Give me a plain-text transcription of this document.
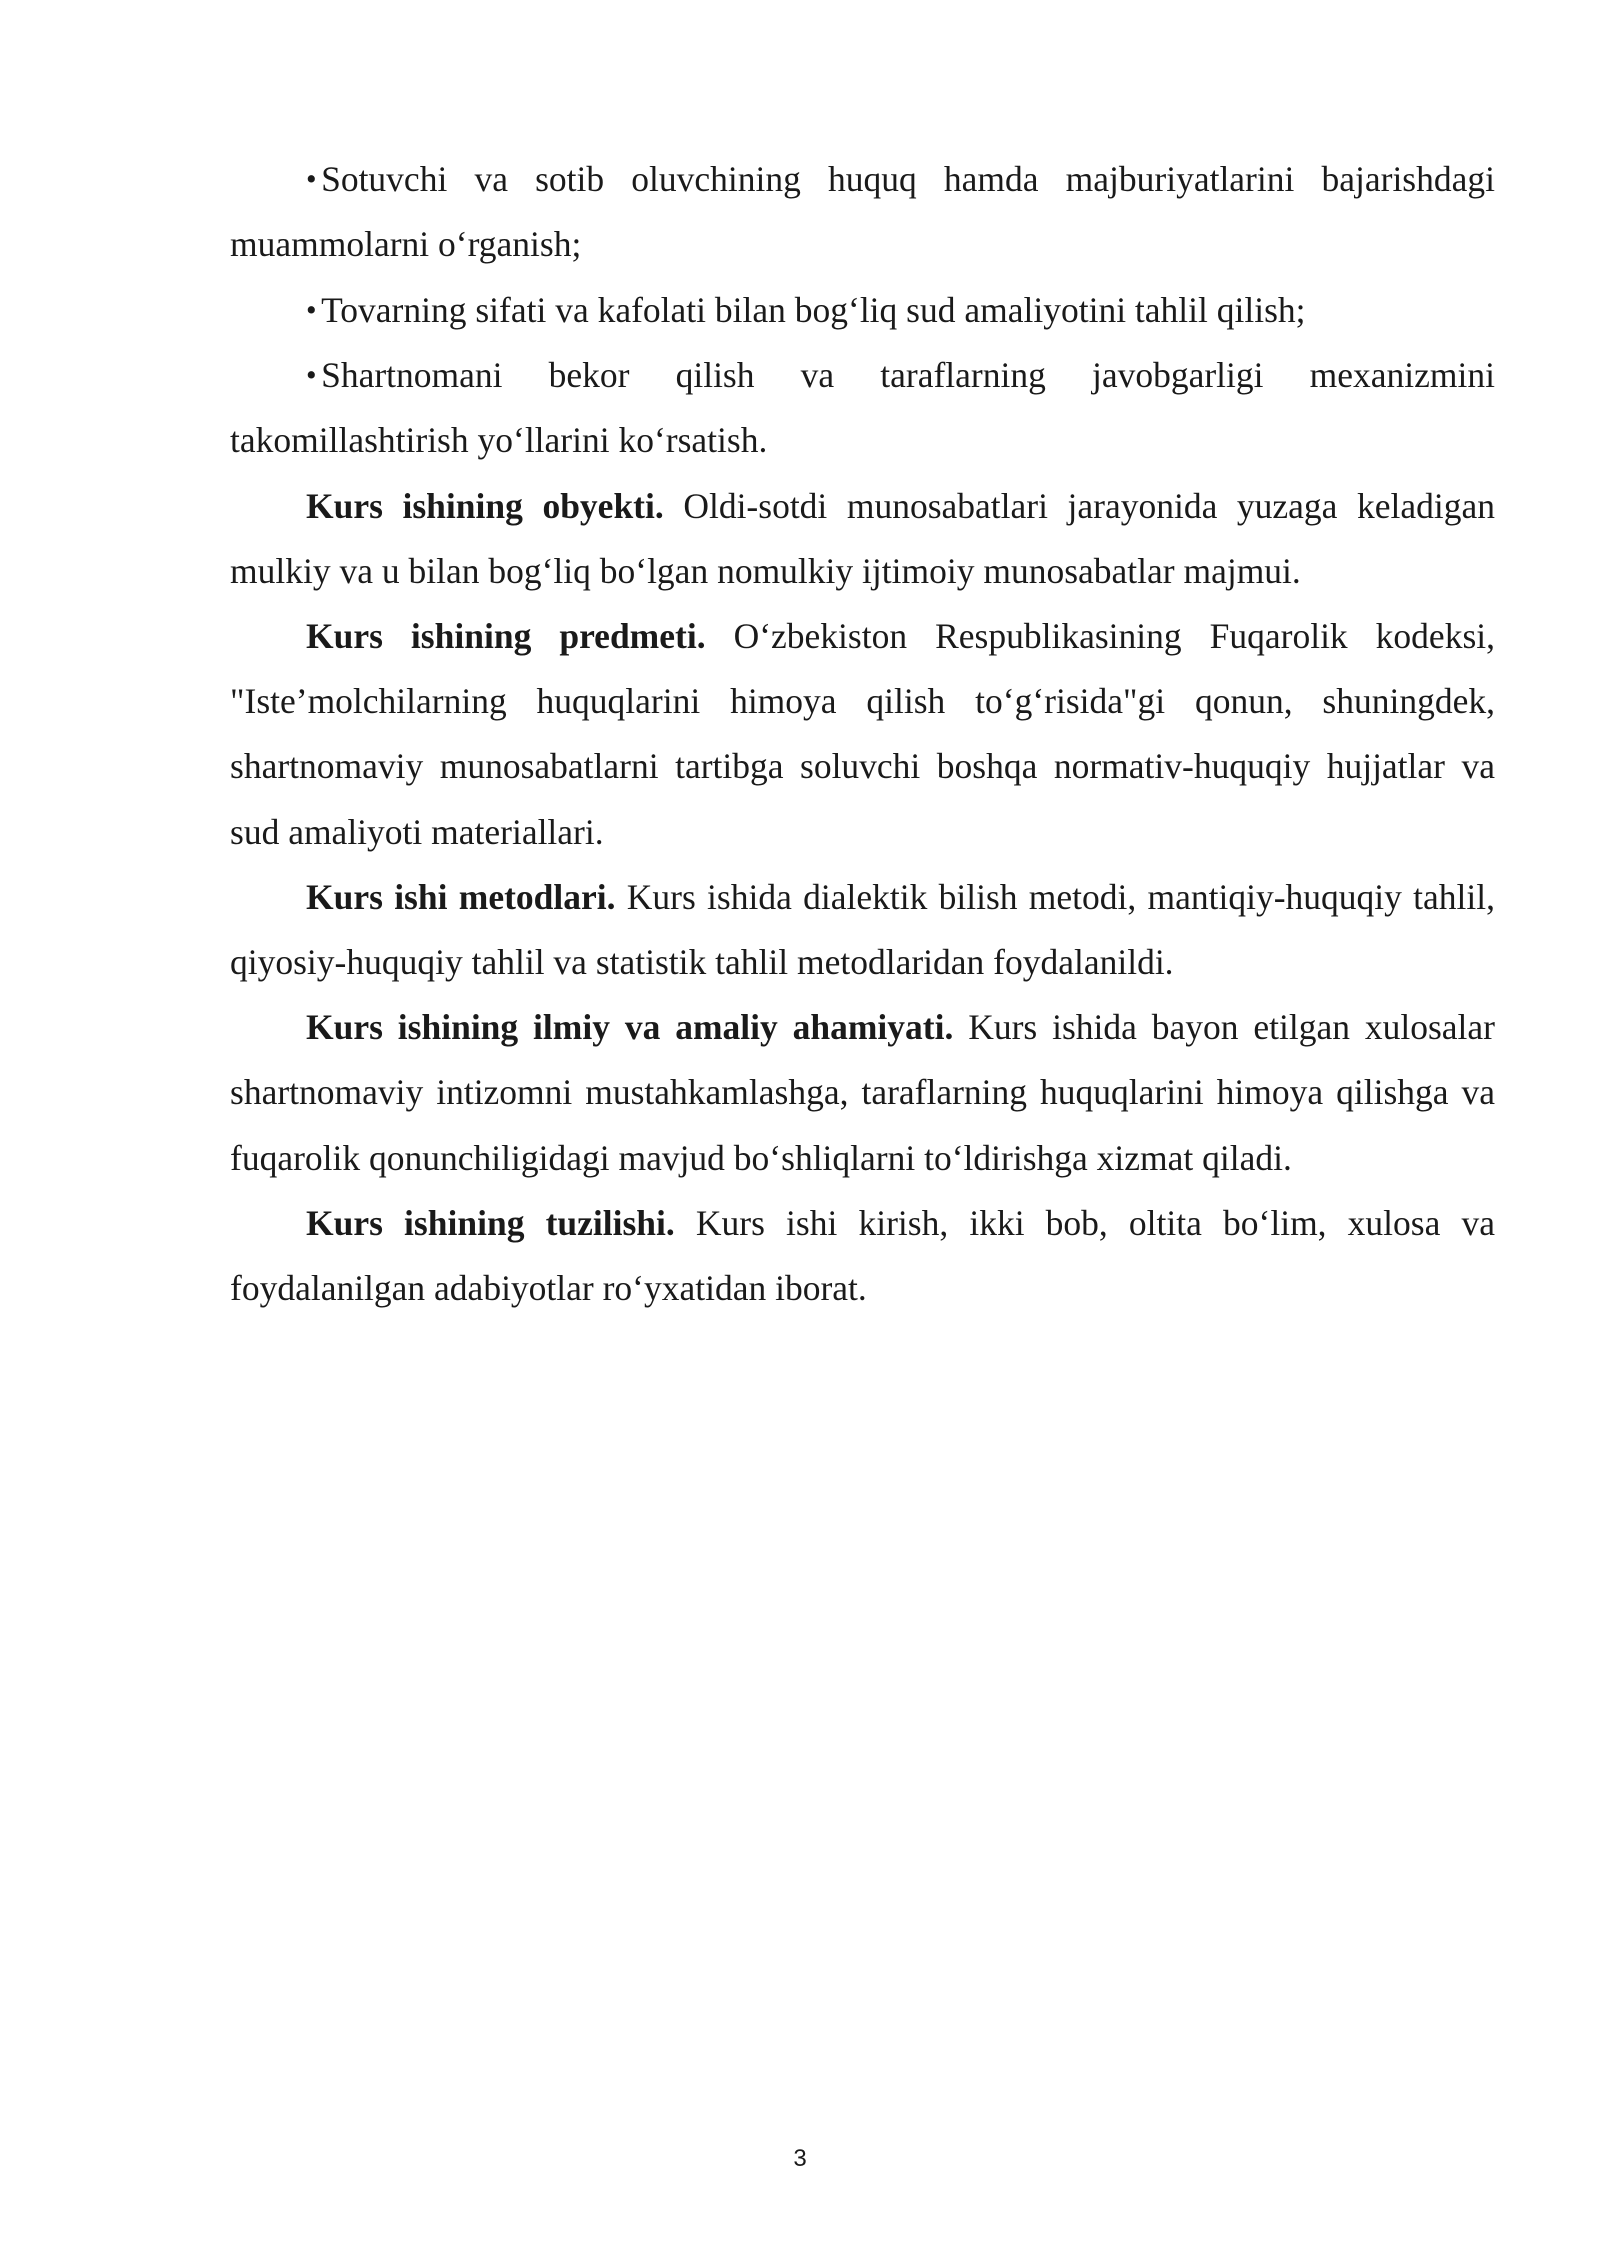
• Sotuvchi va sotib oluvchining huquq hamda majburiyatlarini bajarishdagi muammolarni o‘rganish;

• Tovarning sifati va kafolati bilan bog‘liq sud amaliyotini tahlil qilish;

• Shartnomani bekor qilish va taraflarning javobgarligi mexanizmini takomillashtirish yo‘llarini ko‘rsatish.

Kurs ishining obyekti. Oldi-sotdi munosabatlari jarayonida yuzaga keladigan mulkiy va u bilan bog‘liq bo‘lgan nomulkiy ijtimoiy munosabatlar majmui.

Kurs ishining predmeti. O‘zbekiston Respublikasining Fuqarolik kodeksi, "Iste’molchilarning huquqlarini himoya qilish to‘g‘risida"gi qonun, shuningdek, shartnomaviy munosabatlarni tartibga soluvchi boshqa normativ-huquqiy hujjatlar va sud amaliyoti materiallari.

Kurs ishi metodlari. Kurs ishida dialektik bilish metodi, mantiqiy-huquqiy tahlil, qiyosiy-huquqiy tahlil va statistik tahlil metodlaridan foydalanildi.

Kurs ishining ilmiy va amaliy ahamiyati. Kurs ishida bayon etilgan xulosalar shartnomaviy intizomni mustahkamlashga, taraflarning huquqlarini himoya qilishga va fuqarolik qonunchiligidagi mavjud bo‘shliqlarni to‘ldirishga xizmat qiladi.

Kurs ishining tuzilishi. Kurs ishi kirish, ikki bob, oltita bo‘lim, xulosa va foydalanilgan adabiyotlar ro‘yxatidan iborat.

3
